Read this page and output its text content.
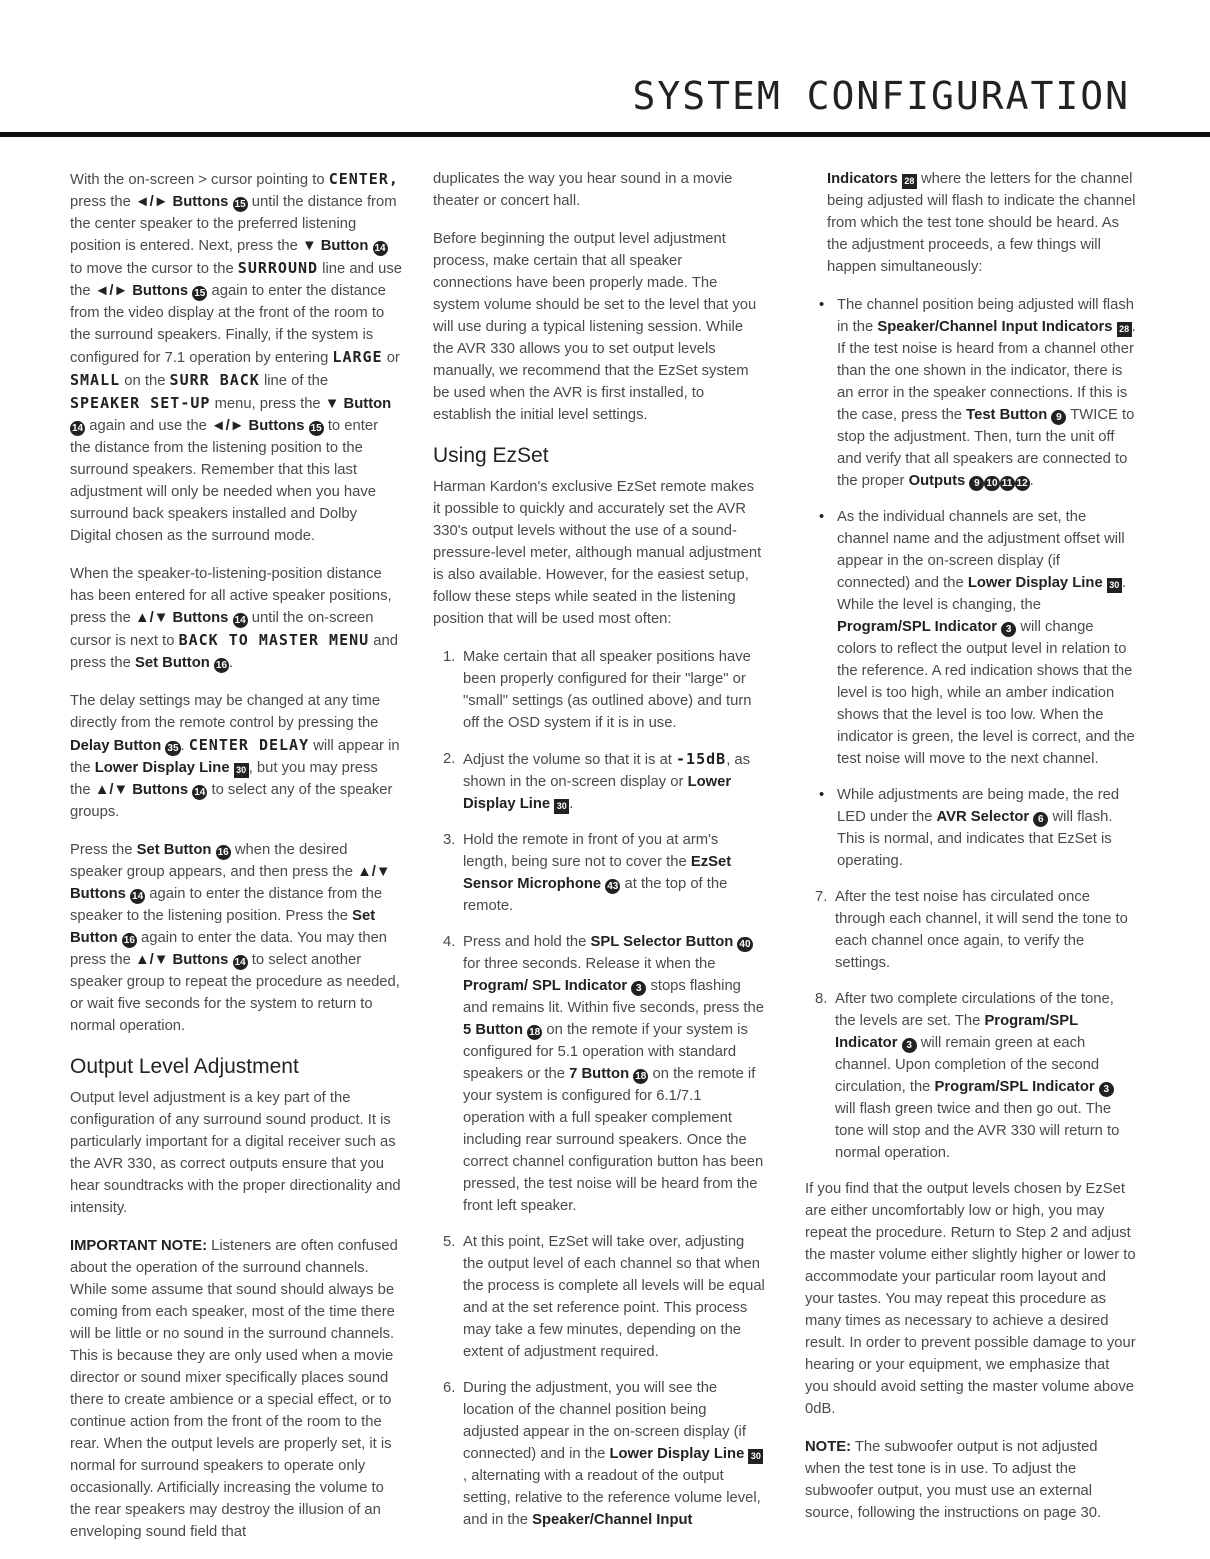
SYSTEM CONFIGURATION

With the on-screen > cursor pointing to CENTER, press the ◄/► Buttons 15 until the distance from the center speaker to the preferred listening position is entered. Next, press the ▼ Button 14 to move the cursor to the SURROUND line and use the ◄/► Buttons 15 again to enter the distance from the video display at the front of the room to the surround speakers. Finally, if the system is configured for 7.1 operation by entering LARGE or SMALL on the SURR BACK line of the SPEAKER SET-UP menu, press the ▼ Button 14 again and use the ◄/► Buttons 15 to enter the distance from the listening position to the surround speakers. Remember that this last adjustment will only be needed when you have surround back speakers installed and Dolby Digital chosen as the surround mode.

When the speaker-to-listening-position distance has been entered for all active speaker positions, press the ▲/▼ Buttons 14 until the on-screen cursor is next to BACK TO MASTER MENU and press the Set Button 16 .

The delay settings may be changed at any time directly from the remote control by pressing the Delay Button 35 . CENTER DELAY will appear in the Lower Display Line 30 , but you may press the ▲/▼ Buttons 14 to select any of the speaker groups.

Press the Set Button 16 when the desired speaker group appears, and then press the ▲/▼ Buttons 14 again to enter the distance from the speaker to the listening position. Press the Set Button 16 again to enter the data. You may then press the ▲/▼ Buttons 14 to select another speaker group to repeat the procedure as needed, or wait five seconds for the system to return to normal operation.

Output Level Adjustment

Output level adjustment is a key part of the configuration of any surround sound product. It is particularly important for a digital receiver such as the AVR 330, as correct outputs ensure that you hear soundtracks with the proper directionality and intensity.

IMPORTANT NOTE: Listeners are often confused about the operation of the surround channels. While some assume that sound should always be coming from each speaker, most of the time there will be little or no sound in the surround channels. This is because they are only used when a movie director or sound mixer specifically places sound there to create ambience or a special effect, or to continue action from the front of the room to the rear. When the output levels are properly set, it is normal for surround speakers to operate only occasionally. Artificially increasing the volume to the rear speakers may destroy the illusion of an enveloping sound field that

duplicates the way you hear sound in a movie theater or concert hall.

Before beginning the output level adjustment process, make certain that all speaker connections have been properly made. The system volume should be set to the level that you will use during a typical listening session. While the AVR 330 allows you to set output levels manually, we recommend that the EzSet system be used when the AVR is first installed, to establish the initial level settings.

Using EzSet

Harman Kardon's exclusive EzSet remote makes it possible to quickly and accurately set the AVR 330's output levels without the use of a sound-pressure-level meter, although manual adjustment is also available. However, for the easiest setup, follow these steps while seated in the listening position that will be used most often:

1. Make certain that all speaker positions have been properly configured for their "large" or "small" settings (as outlined above) and turn off the OSD system if it is in use.
2. Adjust the volume so that it is at -15dB, as shown in the on-screen display or Lower Display Line 30 .
3. Hold the remote in front of you at arm's length, being sure not to cover the EzSet Sensor Microphone 43 at the top of the remote.
4. Press and hold the SPL Selector Button 40 for three seconds. Release it when the Program/ SPL Indicator 3 stops flashing and remains lit. Within five seconds, press the 5 Button 18 on the remote if your system is configured for 5.1 operation with standard speakers or the 7 Button 18 on the remote if your system is configured for 6.1/7.1 operation with a full speaker complement including rear surround speakers. Once the correct channel configuration button has been pressed, the test noise will be heard from the front left speaker.
5. At this point, EzSet will take over, adjusting the output level of each channel so that when the process is complete all levels will be equal and at the set reference point. This process may take a few minutes, depending on the extent of adjustment required.
6. During the adjustment, you will see the location of the channel position being adjusted appear in the on-screen display (if connected) and in the Lower Display Line 30, alternating with a readout of the output setting, relative to the reference volume level, and in the Speaker/Channel Input

Indicators 28 where the letters for the channel being adjusted will flash to indicate the channel from which the test tone should be heard. As the adjustment proceeds, a few things will happen simultaneously:

• The channel position being adjusted will flash in the Speaker/Channel Input Indicators 28 . If the test noise is heard from a channel other than the one shown in the indicator, there is an error in the speaker connections. If this is the case, press the Test Button 9 TWICE to stop the adjustment. Then, turn the unit off and verify that all speakers are connected to the proper Outputs 9 10 11 12 .
• As the individual channels are set, the channel name and the adjustment offset will appear in the on-screen display (if connected) and the Lower Display Line 30 . While the level is changing, the Program/SPL Indicator 3 will change colors to reflect the output level in relation to the reference. A red indication shows that the level is too high, while an amber indication shows that the level is too low. When the indicator is green, the level is correct, and the test noise will move to the next channel.
• While adjustments are being made, the red LED under the AVR Selector 6 will flash. This is normal, and indicates that EzSet is operating.
7. After the test noise has circulated once through each channel, it will send the tone to each channel once again, to verify the settings.
8. After two complete circulations of the tone, the levels are set. The Program/SPL Indicator 3 will remain green at each channel. Upon completion of the second circulation, the Program/SPL Indicator 3 will flash green twice and then go out. The tone will stop and the AVR 330 will return to normal operation.

If you find that the output levels chosen by EzSet are either uncomfortably low or high, you may repeat the procedure. Return to Step 2 and adjust the master volume either slightly higher or lower to accommodate your particular room layout and your tastes. You may repeat this procedure as many times as necessary to achieve a desired result. In order to prevent possible damage to your hearing or your equipment, we emphasize that you should avoid setting the master volume above 0dB.

NOTE: The subwoofer output is not adjusted when the test tone is in use. To adjust the subwoofer output, you must use an external source, following the instructions on page 30.
